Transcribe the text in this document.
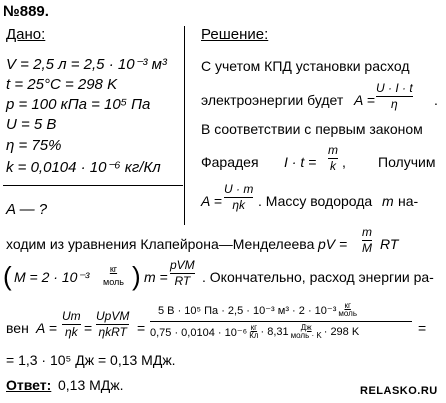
№889.
Дано:
V = 2,5 л = 2,5 · 10⁻³ м³
t = 25°С = 298 K
p = 100 кПа = 10⁵ Па
U = 5 В
η = 75%
k = 0,0104 · 10⁻⁶ кг/Кл
A — ?
Решение:
С учетом КПД установки расход
электроэнергии будет A =
U · I · t
η	.
В соответствии с первым законом
Фарадея I · t =
m
k , Получим
A =
U · m
ηk . Массу водорода m на-
ходим из уравнения Клапейрона—Менделеева pV =
m
M RT
( M = 2 · 10⁻³ кг
моль ) m =
pVM
RT . Окончательно, расход энергии ра-
вен A =
Um
ηk =
UpVM
ηkRT =
5 В · 10⁵ Па · 2,5 · 10⁻³ м³ · 2 · 10⁻³ кг
моль
0,75 · 0,0104 · 10⁻⁶ кг
Кл · 8,31 Дж
моль · K · 298 K	=
= 1,3 · 10⁵ Дж = 0,13 МДж.
Ответ: 0,13 МДж.	RELASKO.RU
